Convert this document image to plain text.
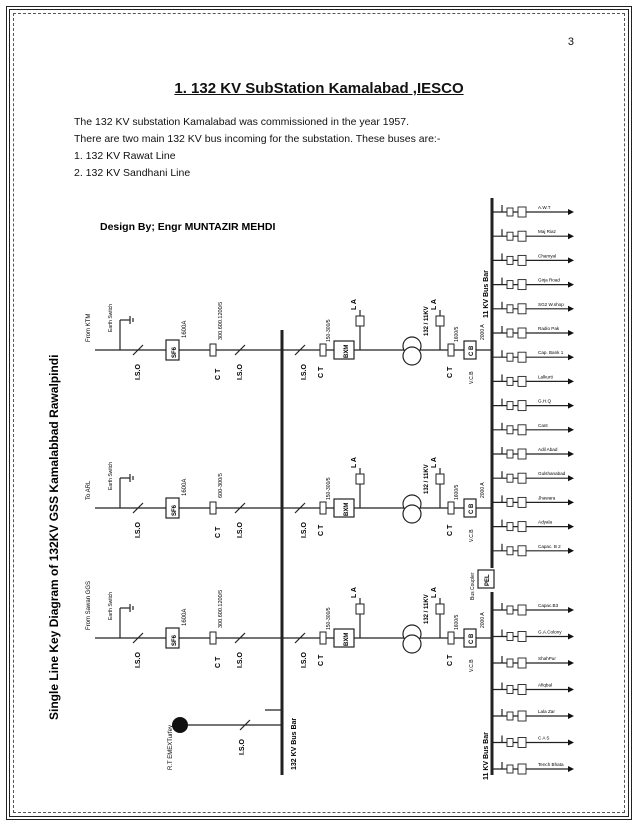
3
1. 132 KV SubStation Kamalabad ,IESCO
The 132 KV substation Kamalabad was commissioned in the year 1957.
There are two main 132 KV bus incoming for the substation. These buses are:-
1. 132 KV Rawat Line
2. 132 KV Sandhani Line
Design By; Engr MUNTAZIR MEHDI
Single Line Key Diagram of 132KV GSS Kamalabbad Rawalpindi
132 KV Bus Bar
11 KV Bus Bar
11 KV Bus Bar
PEL
Bus Coupler
From KTM	Earth Switch
I.S.O	I.S.O
SF6
1600A
C T
300.600.1200/5
To ARL
Earth Switch
I.S.O	I.S.O
SF6
1600A
C T
600-300/5
From Sawan GGS	Earth Switch
I.S.O	I.S.O
SF6
1600A
C T
300.600.1200/5
I.S.O C T
150-300/5
BXM
L A
132 / 11KV
L A
C T
1600/5
C B
2000 A
V.C.B
I.S.O C T
150-300/5
BXM
L A
132 / 11KV
L A
C T
1600/5
C B
2000 A
V.C.B
I.S.O C T
150-300/5
BXM
L A
132 / 11KV
L A
C T
1600/5
C B
2000 A
V.C.B
I.S.O
R.T EMEXTurfey
A.W.T
Maj Riaz
Chamyal
Girja Road
SG2 W.shop
Radio Pak
Cap. Bank 1
Lalkurti
G.H.Q
Cant
Adil Abad
Gulshanabad
Jhawara
Adyala
Capac. B 2
Capac.B3
G.A.Colony
ShahPur
Afiqbal
Lala Zar
C A S
Tench Bhata
